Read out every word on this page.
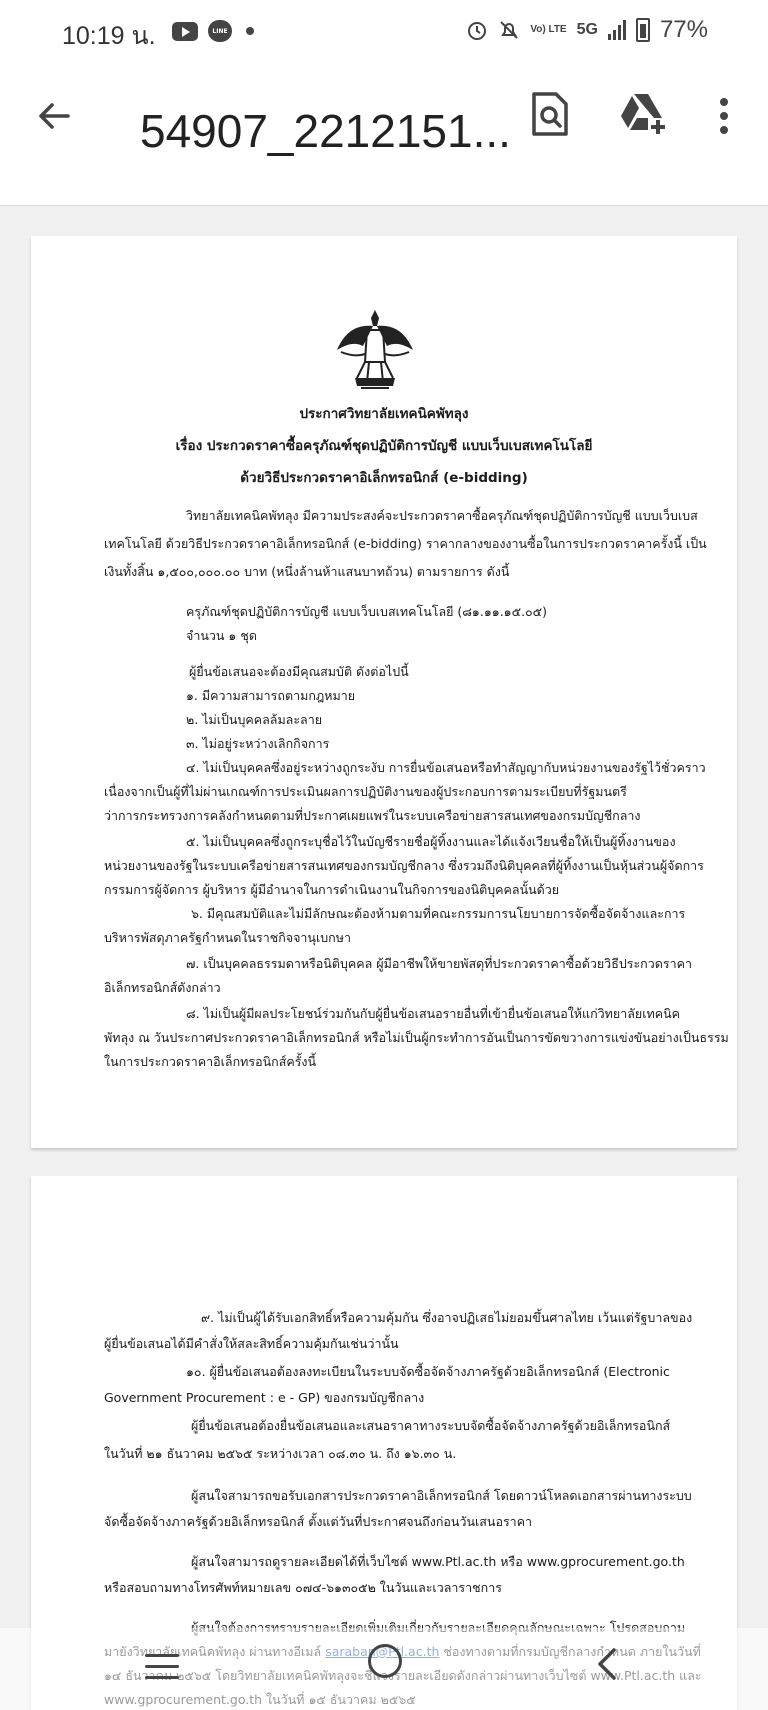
10:19 น.	LINE	Vo) LTE 5G	77%
54907_2212151...
ประกาศวิทยาลัยเทคนิคพัทลุง
เรื่อง ประกวดราคาซื้อครุภัณฑ์ชุดปฏิบัติการบัญชี แบบเว็บเบสเทคโนโลยี
ด้วยวิธีประกวดราคาอิเล็กทรอนิกส์ (e-bidding)
วิทยาลัยเทคนิคพัทลุง มีความประสงค์จะประกวดราคาซื้อครุภัณฑ์ชุดปฏิบัติการบัญชี แบบเว็บเบส
เทคโนโลยี ด้วยวิธีประกวดราคาอิเล็กทรอนิกส์ (e-bidding) ราคากลางของงานซื้อในการประกวดราคาครั้งนี้ เป็น
เงินทั้งสิ้น ๑,๕๐๐,๐๐๐.๐๐ บาท (หนึ่งล้านห้าแสนบาทถ้วน) ตามรายการ ดังนี้
ครุภัณฑ์ชุดปฏิบัติการบัญชี แบบเว็บเบสเทคโนโลยี (๘๑.๑๑.๑๕.๐๕)
จำนวน ๑ ชุด
ผู้ยื่นข้อเสนอจะต้องมีคุณสมบัติ ดังต่อไปนี้
๑. มีความสามารถตามกฎหมาย
๒. ไม่เป็นบุคคลล้มละลาย
๓. ไม่อยู่ระหว่างเลิกกิจการ
๔. ไม่เป็นบุคคลซึ่งอยู่ระหว่างถูกระงับ การยื่นข้อเสนอหรือทำสัญญากับหน่วยงานของรัฐไว้ชั่วคราว
เนื่องจากเป็นผู้ที่ไม่ผ่านเกณฑ์การประเมินผลการปฏิบัติงานของผู้ประกอบการตามระเบียบที่รัฐมนตรี
ว่าการกระทรวงการคลังกำหนดตามที่ประกาศเผยแพร่ในระบบเครือข่ายสารสนเทศของกรมบัญชีกลาง
๕. ไม่เป็นบุคคลซึ่งถูกระบุชื่อไว้ในบัญชีรายชื่อผู้ทิ้งงานและได้แจ้งเวียนชื่อให้เป็นผู้ทิ้งงานของ
หน่วยงานของรัฐในระบบเครือข่ายสารสนเทศของกรมบัญชีกลาง ซึ่งรวมถึงนิติบุคคลที่ผู้ทิ้งงานเป็นหุ้นส่วนผู้จัดการ
กรรมการผู้จัดการ ผู้บริหาร ผู้มีอำนาจในการดำเนินงานในกิจการของนิติบุคคลนั้นด้วย
๖. มีคุณสมบัติและไม่มีลักษณะต้องห้ามตามที่คณะกรรมการนโยบายการจัดซื้อจัดจ้างและการ
บริหารพัสดุภาครัฐกำหนดในราชกิจจานุเบกษา
๗. เป็นบุคคลธรรมดาหรือนิติบุคคล ผู้มีอาชีพให้ขายพัสดุที่ประกวดราคาซื้อด้วยวิธีประกวดราคา
อิเล็กทรอนิกส์ดังกล่าว
๘. ไม่เป็นผู้มีผลประโยชน์ร่วมกันกับผู้ยื่นข้อเสนอรายอื่นที่เข้ายื่นข้อเสนอให้แก่วิทยาลัยเทคนิค
พัทลุง ณ วันประกาศประกวดราคาอิเล็กทรอนิกส์ หรือไม่เป็นผู้กระทำการอันเป็นการขัดขวางการแข่งขันอย่างเป็นธรรม
ในการประกวดราคาอิเล็กทรอนิกส์ครั้งนี้
๙. ไม่เป็นผู้ได้รับเอกสิทธิ์หรือความคุ้มกัน ซึ่งอาจปฏิเสธไม่ยอมขึ้นศาลไทย เว้นแต่รัฐบาลของ
ผู้ยื่นข้อเสนอได้มีคำสั่งให้สละสิทธิ์ความคุ้มกันเช่นว่านั้น
๑๐. ผู้ยื่นข้อเสนอต้องลงทะเบียนในระบบจัดซื้อจัดจ้างภาครัฐด้วยอิเล็กทรอนิกส์ (Electronic
Government Procurement : e - GP) ของกรมบัญชีกลาง
ผู้ยื่นข้อเสนอต้องยื่นข้อเสนอและเสนอราคาทางระบบจัดซื้อจัดจ้างภาครัฐด้วยอิเล็กทรอนิกส์
ในวันที่ ๒๑ ธันวาคม ๒๕๖๕ ระหว่างเวลา ๐๘.๓๐ น. ถึง ๑๖.๓๐ น.
ผู้สนใจสามารถขอรับเอกสารประกวดราคาอิเล็กทรอนิกส์ โดยดาวน์โหลดเอกสารผ่านทางระบบ
จัดซื้อจัดจ้างภาครัฐด้วยอิเล็กทรอนิกส์ ตั้งแต่วันที่ประกาศจนถึงก่อนวันเสนอราคา
ผู้สนใจสามารถดูรายละเอียดได้ที่เว็บไซต์ www.Ptl.ac.th หรือ www.gprocurement.go.th
หรือสอบถามทางโทรศัพท์หมายเลข ๐๗๔-๖๑๓๐๕๒ ในวันและเวลาราชการ
